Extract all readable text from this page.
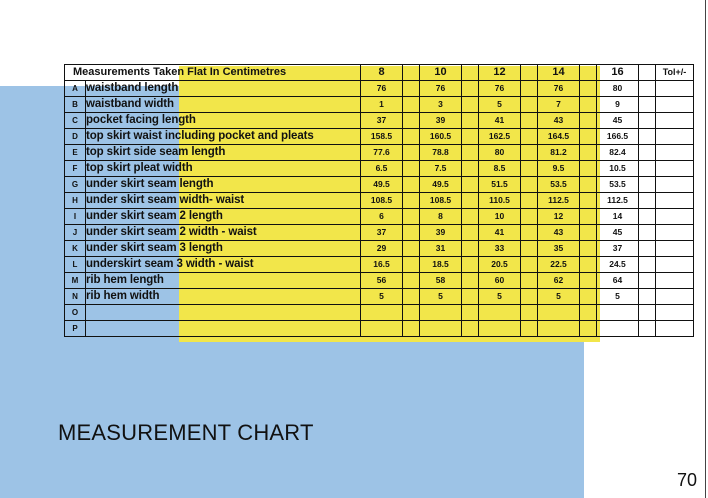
Measurements Taken Flat In Centimetres		8		10		12		14		16		Tol+/-
A	waistband length	76		76		76		76		80		
B	waistband width	1		3		5		7		9		
C	pocket facing length	37		39		41		43		45		
D	top skirt waist including pocket and pleats	158.5		160.5		162.5		164.5		166.5		
E	top skirt side seam length	77.6		78.8		80		81.2		82.4		
F	top skirt pleat width	6.5		7.5		8.5		9.5		10.5		
G	under skirt seam length	49.5		49.5		51.5		53.5		53.5		
H	under skirt seam width- waist	108.5		108.5		110.5		112.5		112.5		
I	under skirt seam 2 length	6		8		10		12		14		
J	under skirt seam 2 width - waist	37		39		41		43		45		
K	under skirt seam 3 length	29		31		33		35		37		
L	underskirt seam 3 width - waist	16.5		18.5		20.5		22.5		24.5		
M	rib hem length	56		58		60		62		64		
N	rib hem width	5		5		5		5		5		
O												
P												
MEASUREMENT CHART
70
